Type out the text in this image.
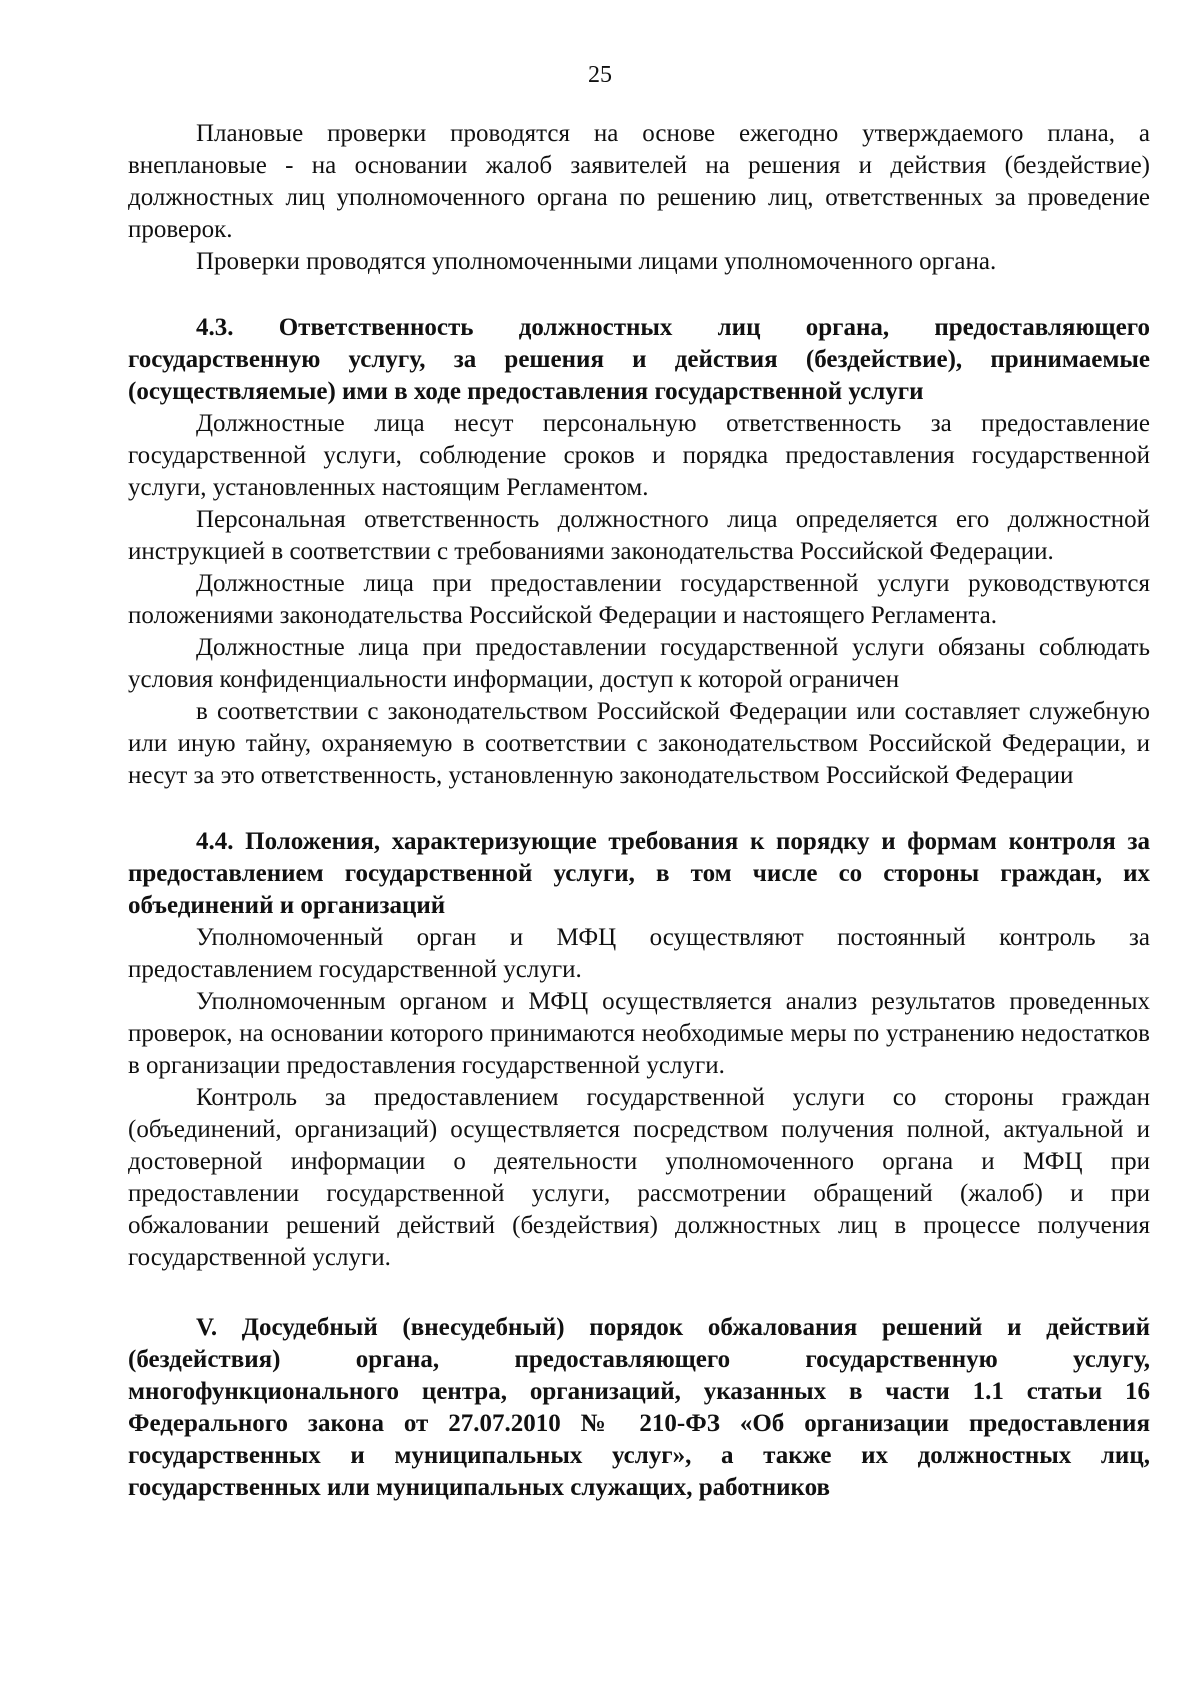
25

Плановые проверки проводятся на основе ежегодно утверждаемого плана, а внеплановые - на основании жалоб заявителей на решения и действия (бездействие) должностных лиц уполномоченного органа по решению лиц, ответственных за проведение проверок.

Проверки проводятся уполномоченными лицами уполномоченного органа.

4.3. Ответственность должностных лиц органа, предоставляющего государственную услугу, за решения и действия (бездействие), принимаемые (осуществляемые) ими в ходе предоставления государственной услуги

Должностные лица несут персональную ответственность за предоставление государственной услуги, соблюдение сроков и порядка предоставления государственной услуги, установленных настоящим Регламентом.

Персональная ответственность должностного лица определяется его должностной инструкцией в соответствии с требованиями законодательства Российской Федерации.

Должностные лица при предоставлении государственной услуги руководствуются положениями законодательства Российской Федерации и настоящего Регламента.

Должностные лица при предоставлении государственной услуги обязаны соблюдать условия конфиденциальности информации, доступ к которой ограничен

в соответствии с законодательством Российской Федерации или составляет служебную или иную тайну, охраняемую в соответствии с законодательством Российской Федерации, и несут за это ответственность, установленную законодательством Российской Федерации

4.4. Положения, характеризующие требования к порядку и формам контроля за предоставлением государственной услуги, в том числе со стороны граждан, их объединений и организаций

Уполномоченный орган и МФЦ осуществляют постоянный контроль за предоставлением государственной услуги.

Уполномоченным органом и МФЦ осуществляется анализ результатов проведенных проверок, на основании которого принимаются необходимые меры по устранению недостатков в организации предоставления государственной услуги.

Контроль за предоставлением государственной услуги со стороны граждан (объединений, организаций) осуществляется посредством получения полной, актуальной и достоверной информации о деятельности уполномоченного органа и МФЦ при предоставлении государственной услуги, рассмотрении обращений (жалоб) и при обжаловании решений действий (бездействия) должностных лиц в процессе получения государственной услуги.

V. Досудебный (внесудебный) порядок обжалования решений и действий (бездействия) органа, предоставляющего государственную услугу, многофункционального центра, организаций, указанных в части 1.1 статьи 16 Федерального закона от 27.07.2010 № 210-ФЗ «Об организации предоставления государственных и муниципальных услуг», а также их должностных лиц, государственных или муниципальных служащих, работников
